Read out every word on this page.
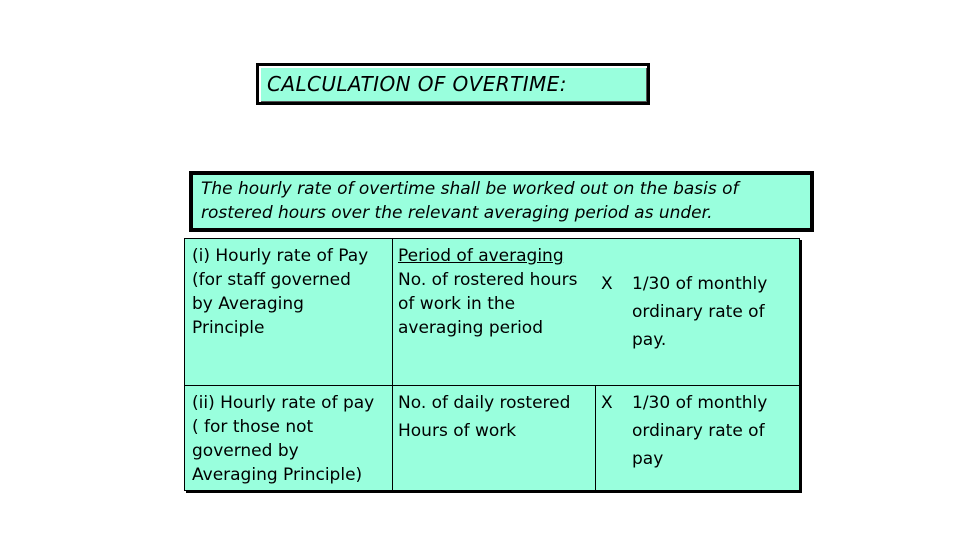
CALCULATION OF OVERTIME:
The hourly rate of overtime shall be worked out on the basis of
rostered hours over the relevant averaging period as under.
(i) Hourly rate of Pay
(for staff governed
by Averaging
Principle
Period of averaging
No. of rostered hours
of work in the
averaging period
X 1/30 of monthly
ordinary rate of
pay.
(ii) Hourly rate of pay
( for those not
governed by
Averaging Principle)
No. of daily rostered
Hours of work
X 1/30 of monthly
ordinary rate of
pay
